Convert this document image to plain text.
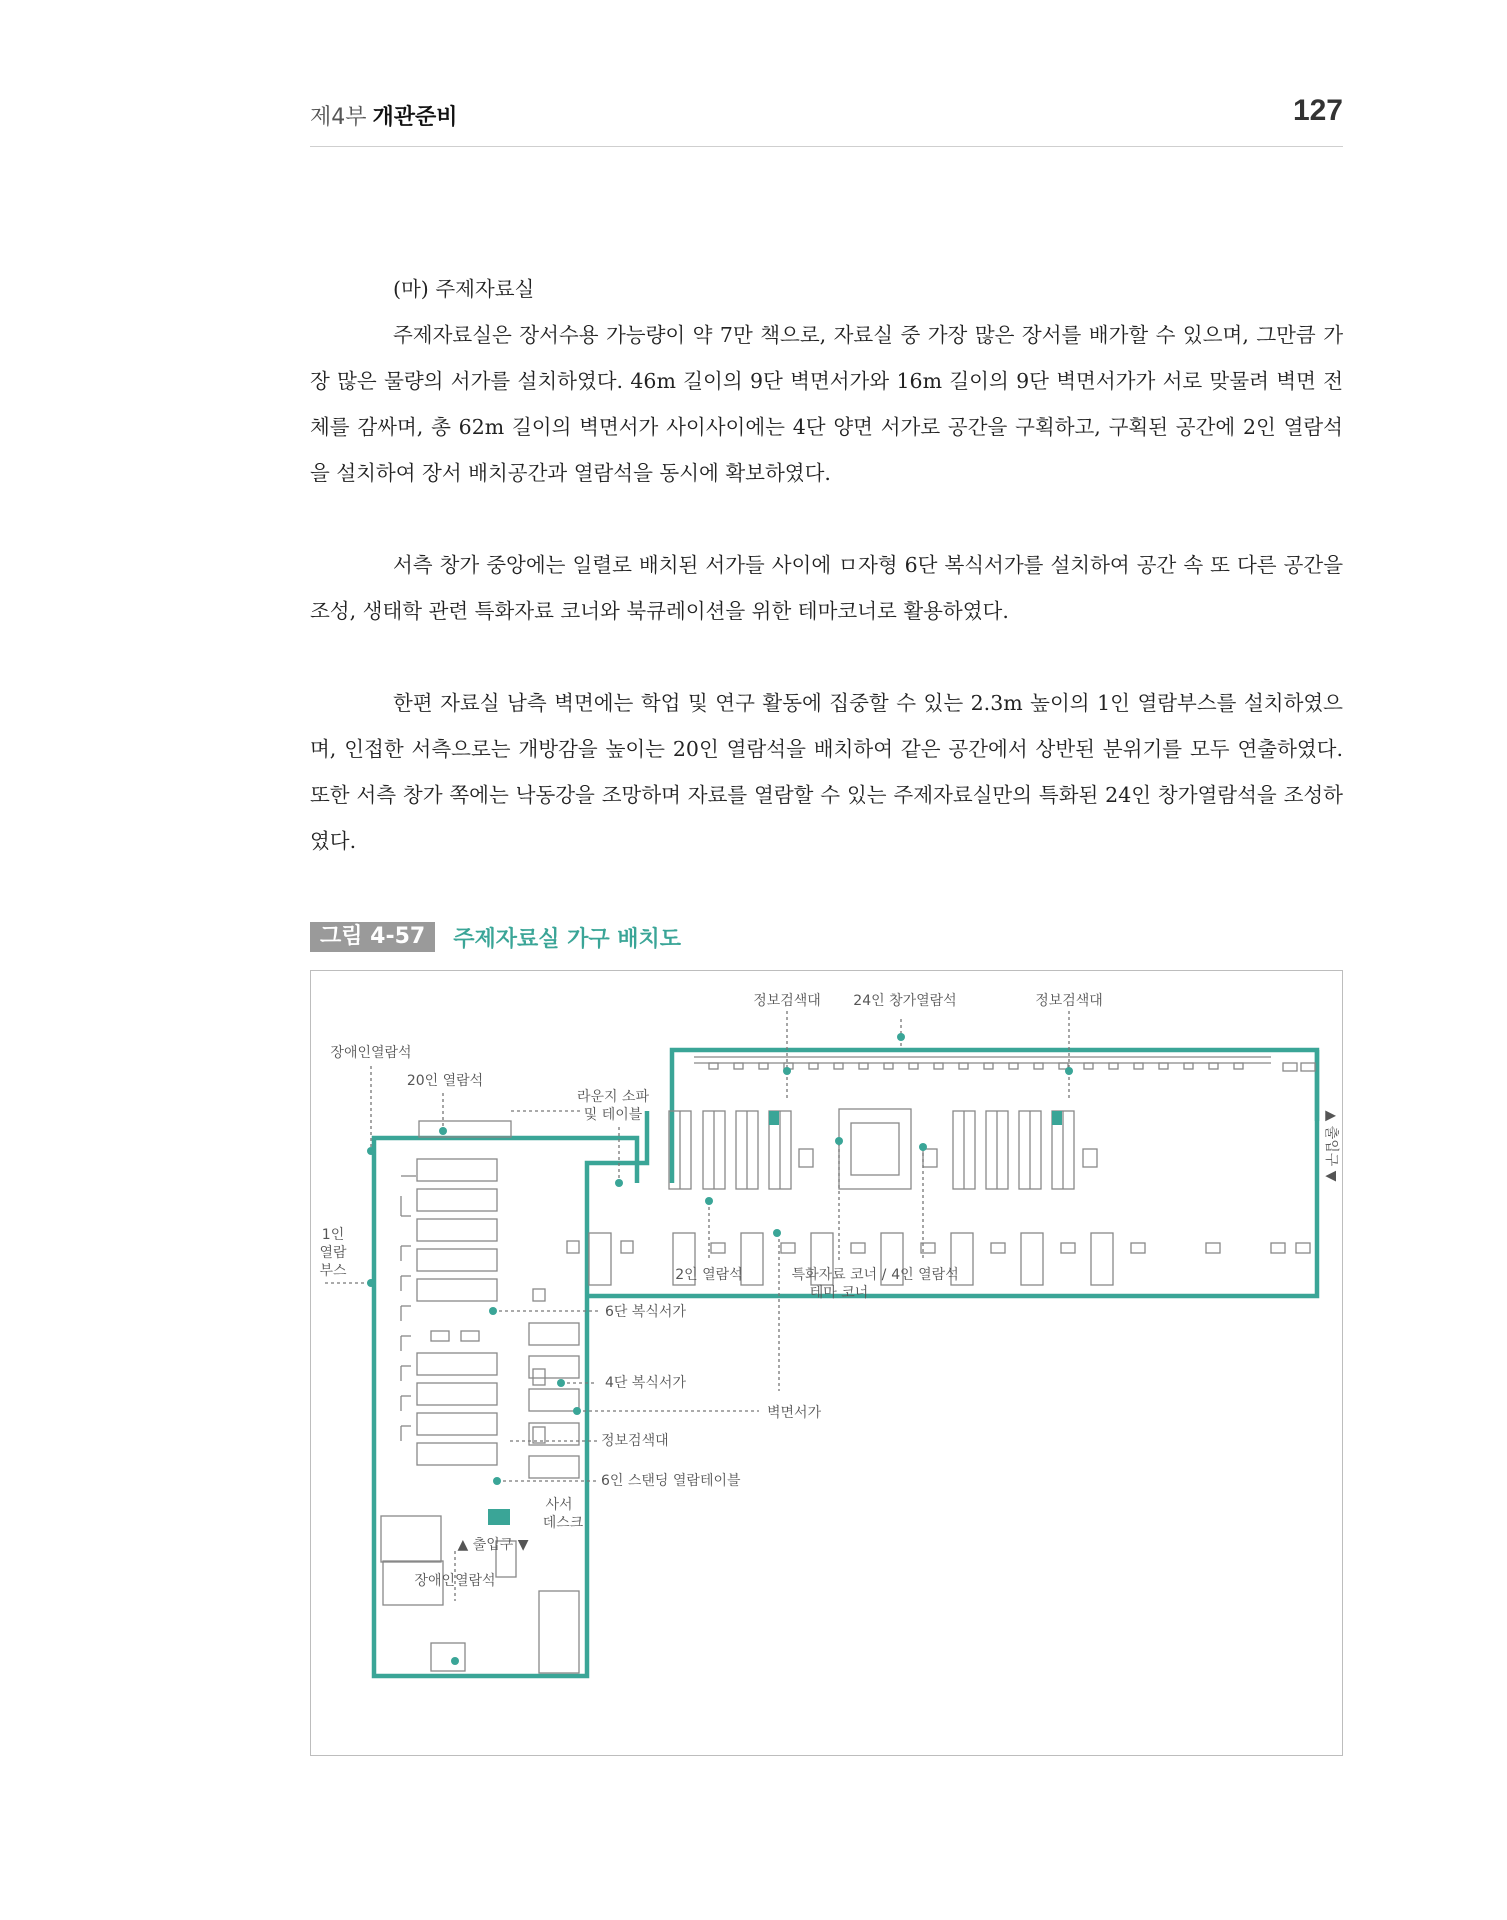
제4부 개관준비	127

(마) 주제자료실

주제자료실은 장서수용 가능량이 약 7만 책으로, 자료실 중 가장 많은 장서를 배가할 수 있으며, 그만큼 가장 많은 물량의 서가를 설치하였다. 46m 길이의 9단 벽면서가와 16m 길이의 9단 벽면서가가 서로 맞물려 벽면 전체를 감싸며, 총 62m 길이의 벽면서가 사이사이에는 4단 양면 서가로 공간을 구획하고, 구획된 공간에 2인 열람석을 설치하여 장서 배치공간과 열람석을 동시에 확보하였다.

서측 창가 중앙에는 일렬로 배치된 서가들 사이에 ㅁ자형 6단 복식서가를 설치하여 공간 속 또 다른 공간을 조성, 생태학 관련 특화자료 코너와 북큐레이션을 위한 테마코너로 활용하였다.

한편 자료실 남측 벽면에는 학업 및 연구 활동에 집중할 수 있는 2.3m 높이의 1인 열람부스를 설치하였으며, 인접한 서측으로는 개방감을 높이는 20인 열람석을 배치하여 같은 공간에서 상반된 분위기를 모두 연출하였다. 또한 서측 창가 쪽에는 낙동강을 조망하며 자료를 열람할 수 있는 주제자료실만의 특화된 24인 창가열람석을 조성하였다.

그림 4-57	주제자료실 가구 배치도
정보검색대 24인 창가열람석	정보검색대
장애인열람석
20인 열람석
라운지 소파
및 테이블
1인
열람
부스	2인 열람석	특화자료 코너 /
테마 코너
4인 열람석
6단 복식서가
4단 복식서가
벽면서가
정보검색대
6인 스탠딩 열람테이블
사서
데스크
▲ 출입구 ▼
장애인열람석
▲ 출입구 ▼
